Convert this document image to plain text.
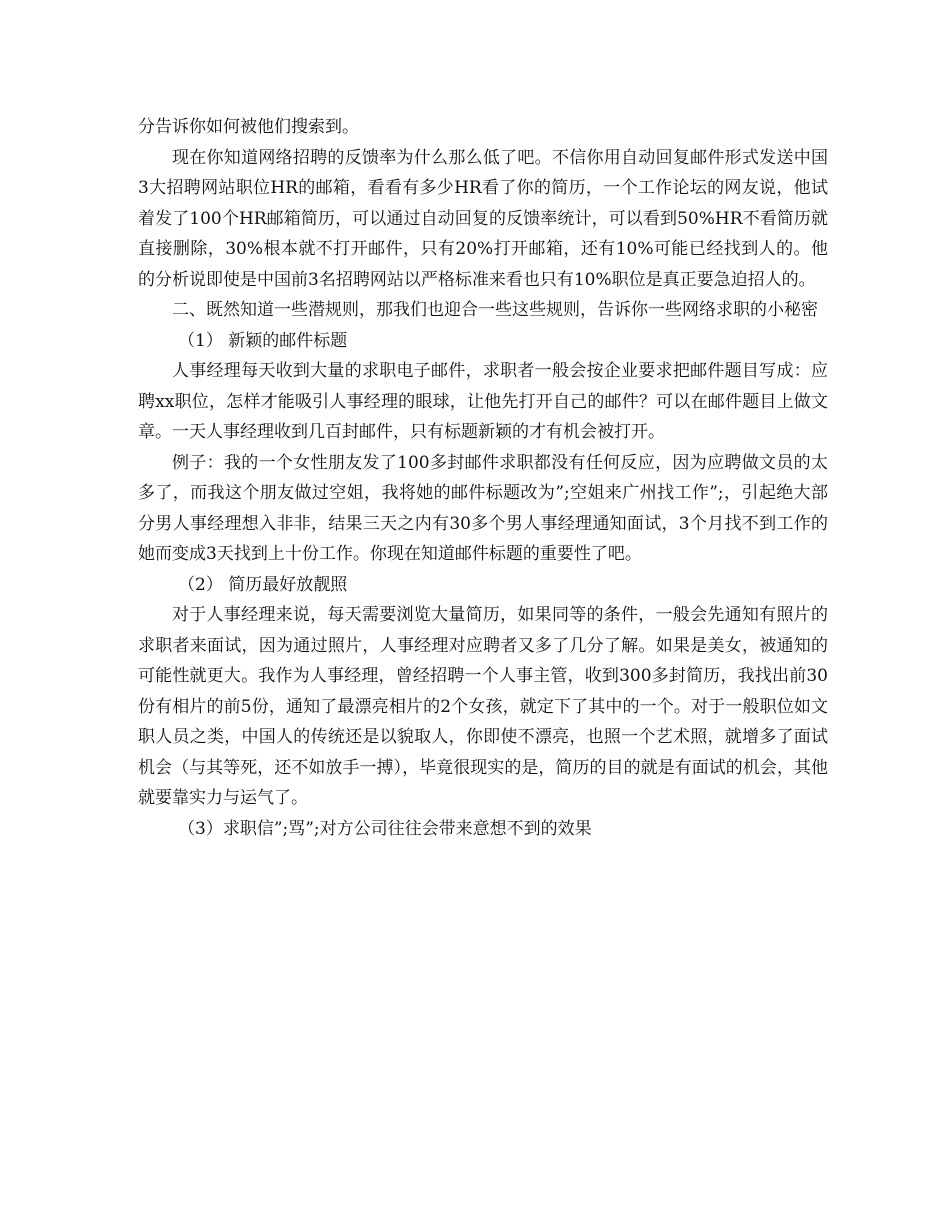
分告诉你如何被他们搜索到。

现在你知道网络招聘的反馈率为什么那么低了吧。不信你用自动回复邮件形式发送中国3大招聘网站职位HR的邮箱，看看有多少HR看了你的简历，一个工作论坛的网友说，他试着发了100个HR邮箱简历，可以通过自动回复的反馈率统计，可以看到50%HR不看简历就直接删除，30%根本就不打开邮件，只有20%打开邮箱，还有10%可能已经找到人的。他的分析说即使是中国前3名招聘网站以严格标准来看也只有10%职位是真正要急迫招人的。

二、既然知道一些潜规则，那我们也迎合一些这些规则，告诉你一些网络求职的小秘密

（1） 新颖的邮件标题

人事经理每天收到大量的求职电子邮件，求职者一般会按企业要求把邮件题目写成：应聘xx职位，怎样才能吸引人事经理的眼球，让他先打开自己的邮件？可以在邮件题目上做文章。一天人事经理收到几百封邮件，只有标题新颖的才有机会被打开。

例子：我的一个女性朋友发了100多封邮件求职都没有任何反应，因为应聘做文员的太多了，而我这个朋友做过空姐，我将她的邮件标题改为”;空姐来广州找工作”;，引起绝大部分男人事经理想入非非，结果三天之内有30多个男人事经理通知面试，3个月找不到工作的她而变成3天找到上十份工作。你现在知道邮件标题的重要性了吧。

（2） 简历最好放靓照

对于人事经理来说，每天需要浏览大量简历，如果同等的条件，一般会先通知有照片的求职者来面试，因为通过照片，人事经理对应聘者又多了几分了解。如果是美女，被通知的可能性就更大。我作为人事经理，曾经招聘一个人事主管，收到300多封简历，我找出前30份有相片的前5份，通知了最漂亮相片的2个女孩，就定下了其中的一个。对于一般职位如文职人员之类，中国人的传统还是以貌取人，你即使不漂亮，也照一个艺术照，就增多了面试机会（与其等死，还不如放手一搏），毕竟很现实的是，简历的目的就是有面试的机会，其他就要靠实力与运气了。

（3）求职信”;骂”;对方公司往往会带来意想不到的效果
